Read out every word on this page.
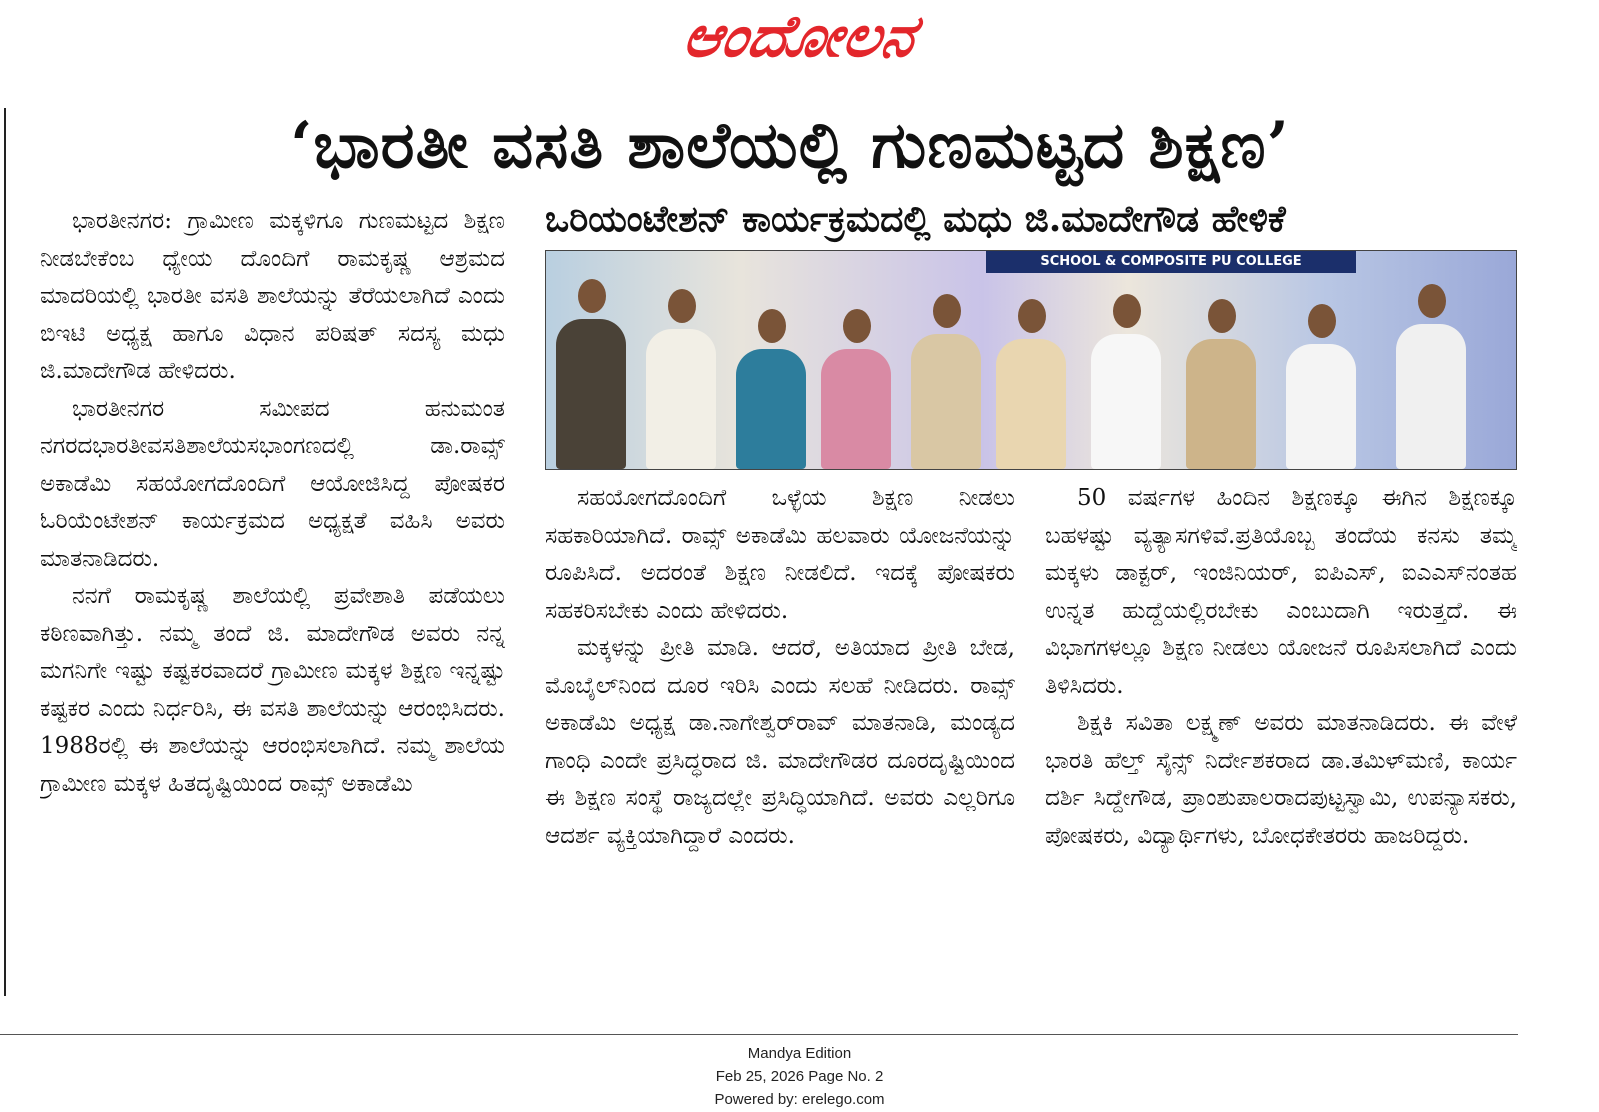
ಆಂದೋಲನ
‘ಭಾರತೀ ವಸತಿ ಶಾಲೆಯಲ್ಲಿ ಗುಣಮಟ್ಟದ ಶಿಕ್ಷಣ’
ಒರಿಯಂಟೇಶನ್ ಕಾರ್ಯಕ್ರಮದಲ್ಲಿ ಮಧು ಜಿ.ಮಾದೇಗೌಡ ಹೇಳಿಕೆ

ಭಾರತೀನಗರ: ಗ್ರಾಮೀಣ ಮಕ್ಕಳಿಗೂ ಗುಣಮಟ್ಟದ ಶಿಕ್ಷಣ ನೀಡಬೇಕೆಂಬ ಧ್ಯೇಯ ದೊಂದಿಗೆ ರಾಮಕೃಷ್ಣ ಆಶ್ರಮದ ಮಾದರಿಯಲ್ಲಿ ಭಾರತೀ ವಸತಿ ಶಾಲೆಯನ್ನು ತೆರೆಯಲಾಗಿದೆ ಎಂದು ಬಿಇಟಿ ಅಧ್ಯಕ್ಷ ಹಾಗೂ ವಿಧಾನ ಪರಿಷತ್ ಸದಸ್ಯ ಮಧು ಜಿ.ಮಾದೇಗೌಡ ಹೇಳಿದರು.

ಭಾರತೀನಗರ ಸಮೀಪದ ಹನುಮಂತ ನಗರದಭಾರತೀವಸತಿಶಾಲೆಯಸಭಾಂಗಣದಲ್ಲಿ ಡಾ.ರಾವ್ಸ್ ಅಕಾಡೆಮಿ ಸಹಯೋಗದೊಂದಿಗೆ ಆಯೋಜಿಸಿದ್ದ ಪೋಷಕರ ಓರಿಯೆಂಟೇಶನ್ ಕಾರ್ಯಕ್ರಮದ ಅಧ್ಯಕ್ಷತೆ ವಹಿಸಿ ಅವರು ಮಾತನಾಡಿದರು.

ನನಗೆ ರಾಮಕೃಷ್ಣ ಶಾಲೆಯಲ್ಲಿ ಪ್ರವೇಶಾತಿ ಪಡೆಯಲು ಕಠಿಣವಾಗಿತ್ತು. ನಮ್ಮ ತಂದೆ ಜಿ. ಮಾದೇಗೌಡ ಅವರು ನನ್ನ ಮಗನಿಗೇ ಇಷ್ಟು ಕಷ್ಟಕರವಾದರೆ ಗ್ರಾಮೀಣ ಮಕ್ಕಳ ಶಿಕ್ಷಣ ಇನ್ನಷ್ಟು ಕಷ್ಟಕರ ಎಂದು ನಿರ್ಧರಿಸಿ, ಈ ವಸತಿ ಶಾಲೆಯನ್ನು ಆರಂಭಿಸಿದರು. 1988ರಲ್ಲಿ ಈ ಶಾಲೆಯನ್ನು ಆರಂಭಿಸಲಾಗಿದೆ. ನಮ್ಮ ಶಾಲೆಯ ಗ್ರಾಮೀಣ ಮಕ್ಕಳ ಹಿತದೃಷ್ಟಿಯಿಂದ ರಾವ್ಸ್ ಅಕಾಡೆಮಿ

SCHOOL & COMPOSITE PU COLLEGE

ಸಹಯೋಗದೊಂದಿಗೆ ಒಳ್ಳೆಯ ಶಿಕ್ಷಣ ನೀಡಲು ಸಹಕಾರಿಯಾಗಿದೆ. ರಾವ್ಸ್ ಅಕಾಡೆಮಿ ಹಲವಾರು ಯೋಜನೆಯನ್ನು ರೂಪಿಸಿದೆ. ಅದರಂತೆ ಶಿಕ್ಷಣ ನೀಡಲಿದೆ. ಇದಕ್ಕೆ ಪೋಷಕರು ಸಹಕರಿಸಬೇಕು ಎಂದು ಹೇಳಿದರು.

ಮಕ್ಕಳನ್ನು ಪ್ರೀತಿ ಮಾಡಿ. ಆದರೆ, ಅತಿಯಾದ ಪ್ರೀತಿ ಬೇಡ, ಮೊಬೈಲ್‌ನಿಂದ ದೂರ ಇರಿಸಿ ಎಂದು ಸಲಹೆ ನೀಡಿದರು. ರಾವ್ಸ್ ಅಕಾಡೆಮಿ ಅಧ್ಯಕ್ಷ ಡಾ.ನಾಗೇಶ್ವರ್‌ರಾವ್ ಮಾತನಾಡಿ, ಮಂಡ್ಯದ ಗಾಂಧಿ ಎಂದೇ ಪ್ರಸಿದ್ಧರಾದ ಜಿ. ಮಾದೇಗೌಡರ ದೂರದೃಷ್ಟಿಯಿಂದ ಈ ಶಿಕ್ಷಣ ಸಂಸ್ಥೆ ರಾಜ್ಯದಲ್ಲೇ ಪ್ರಸಿದ್ಧಿಯಾಗಿದೆ. ಅವರು ಎಲ್ಲರಿಗೂ ಆದರ್ಶ ವ್ಯಕ್ತಿಯಾಗಿದ್ದಾರೆ ಎಂದರು.

50 ವರ್ಷಗಳ ಹಿಂದಿನ ಶಿಕ್ಷಣಕ್ಕೂ ಈಗಿನ ಶಿಕ್ಷಣಕ್ಕೂ ಬಹಳಷ್ಟು ವ್ಯತ್ಯಾಸಗಳಿವೆ.ಪ್ರತಿಯೊಬ್ಬ ತಂದೆಯ ಕನಸು ತಮ್ಮ ಮಕ್ಕಳು ಡಾಕ್ಟರ್, ಇಂಜಿನಿಯರ್, ಐಪಿಎಸ್, ಐಎಎಸ್‌ನಂತಹ ಉನ್ನತ ಹುದ್ದೆಯಲ್ಲಿರಬೇಕು ಎಂಬುದಾಗಿ ಇರುತ್ತದೆ. ಈ ವಿಭಾಗಗಳಲ್ಲೂ ಶಿಕ್ಷಣ ನೀಡಲು ಯೋಜನೆ ರೂಪಿಸಲಾಗಿದೆ ಎಂದು ತಿಳಿಸಿದರು.

ಶಿಕ್ಷಕಿ ಸವಿತಾ ಲಕ್ಷ್ಮಣ್ ಅವರು ಮಾತನಾಡಿದರು. ಈ ವೇಳೆ ಭಾರತಿ ಹೆಲ್ತ್ ಸೈನ್ಸ್ ನಿರ್ದೇಶಕರಾದ ಡಾ.ತಮಿಳ್‌ಮಣಿ, ಕಾರ್ಯ ದರ್ಶಿ ಸಿದ್ದೇಗೌಡ, ಪ್ರಾಂಶುಪಾಲರಾದಪುಟ್ಟಸ್ವಾಮಿ, ಉಪನ್ಯಾಸಕರು, ಪೋಷಕರು, ವಿದ್ಯಾರ್ಥಿಗಳು, ಬೋಧಕೇತರರು ಹಾಜರಿದ್ದರು.

Mandya Edition
Feb 25, 2026 Page No. 2
Powered by: erelego.com
